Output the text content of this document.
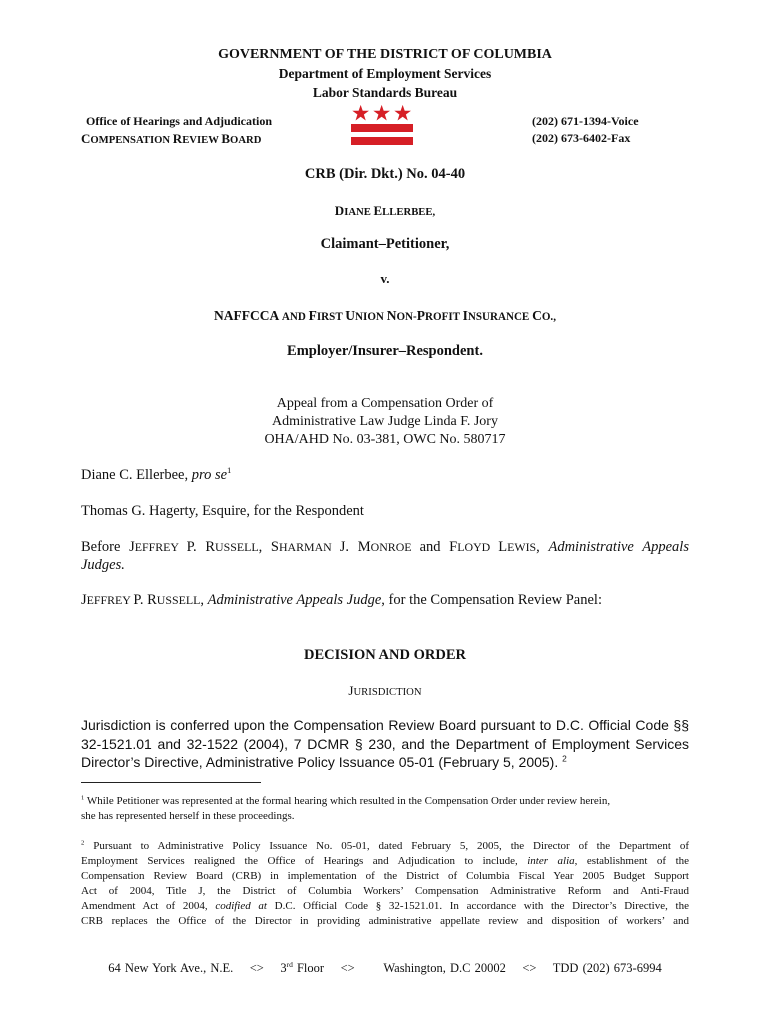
GOVERNMENT OF THE DISTRICT OF COLUMBIA
Department of Employment Services
Labor Standards Bureau
Office of Hearings and Adjudication
COMPENSATION REVIEW BOARD
(202) 671-1394-Voice
(202) 673-6402-Fax
CRB (Dir. Dkt.) No. 04-40
DIANE ELLERBEE,
Claimant–Petitioner,
v.
NAFFCCA AND FIRST UNION NON-PROFIT INSURANCE CO.,
Employer/Insurer–Respondent.
Appeal from a Compensation Order of
Administrative Law Judge Linda F. Jory
OHA/AHD No. 03-381, OWC No. 580717
Diane C. Ellerbee, pro $se^1$
Thomas G. Hagerty, Esquire, for the Respondent
Before JEFFREY P. RUSSELL, SHARMAN J. MONROE and FLOYD LEWIS, Administrative Appeals
Judges.
JEFFREY P. RUSSELL, Administrative Appeals Judge, for the Compensation Review Panel:
DECISION AND ORDER
JURISDICTION
Jurisdiction is conferred upon the Compensation Review Board pursuant to D.C. Official Code §§
32-1521.01 and 32-1522 (2004), 7 DCMR § 230, and the Department of Employment Services
Director’s Directive, Administrative Policy Issuance 05-01 (February 5, 2005). $^2$
$^1$ While Petitioner was represented at the formal hearing which resulted in the Compensation Order under review herein,
she has represented herself in these proceedings.
$^2$ Pursuant to Administrative Policy Issuance No. 05-01, dated February 5, 2005, the Director of the Department of
Employment Services realigned the Office of Hearings and Adjudication to include, inter alia, establishment of the
Compensation Review Board (CRB) in implementation of the District of Columbia Fiscal Year 2005 Budget Support
Act of 2004, Title J, the District of Columbia Workers’ Compensation Administrative Reform and Anti-Fraud
Amendment Act of 2004, codified at D.C. Official Code § 32-1521.01. In accordance with the Director’s Directive, the
CRB replaces the Office of the Director in providing administrative appellate review and disposition of workers’ and
64 New York Ave., N.E. <> 3rd Floor <> Washington, D.C 20002 <> TDD (202) 673-6994
